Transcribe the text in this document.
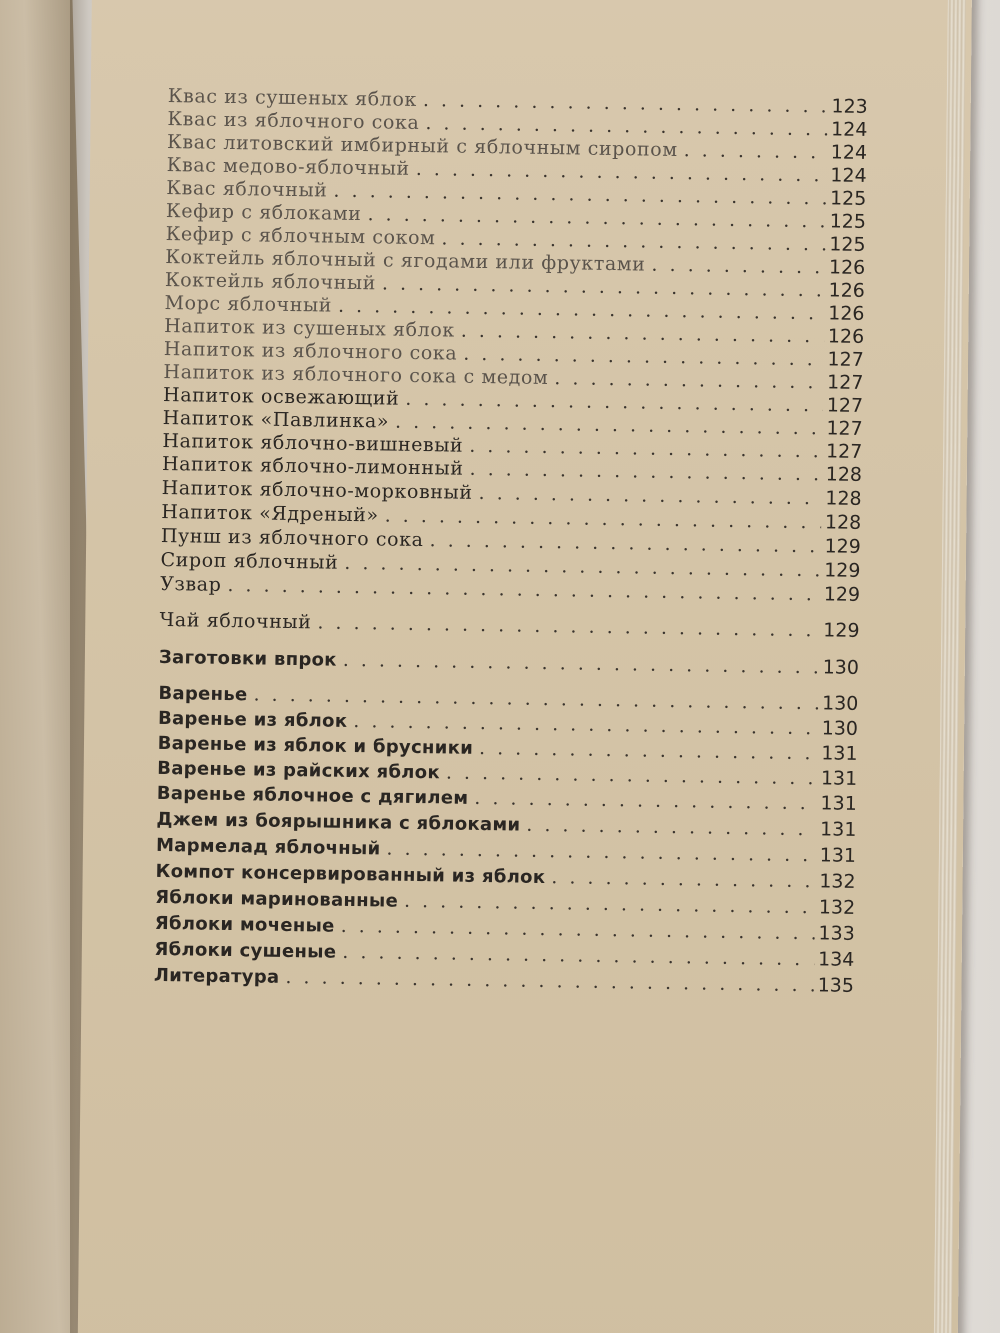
Квас из сушеных яблок . . .	123
Квас из яблочного сока . . .	124
Квас литовский имбирный с яблочным сиропом . . .	124
Квас медово-яблочный . . .	124
Квас яблочный . . .	125
Кефир с яблоками . . .	125
Кефир с яблочным соком . . .	125
Коктейль яблочный с ягодами или фруктами . . .	126
Коктейль яблочный . . .	126
Морс яблочный . . .	126
Напиток из сушеных яблок . . .	126
Напиток из яблочного сока . . .	127
Напиток из яблочного сока с медом . . .	127
Напиток освежающий . . .	127
Напиток «Павлинка» . . .	127
Напиток яблочно-вишневый . . .	127
Напиток яблочно-лимонный . . .	128
Напиток яблочно-морковный . . .	128
Напиток «Ядреный» . . .	128
Пунш из яблочного сока . . .	129
Сироп яблочный . . .	129
Узвар . . .	129
Чай яблочный . . .	129
Заготовки впрок . . .	130
Варенье . . .	130
Варенье из яблок . . .	130
Варенье из яблок и брусники . . .	131
Варенье из райских яблок . . .	131
Варенье яблочное с дягилем . . .	131
Джем из боярышника с яблоками . . .	131
Мармелад яблочный . . .	131
Компот консервированный из яблок . . .	132
Яблоки маринованные . . .	132
Яблоки моченые . . .	133
Яблоки сушеные . . .	134
Литература . . .	135
